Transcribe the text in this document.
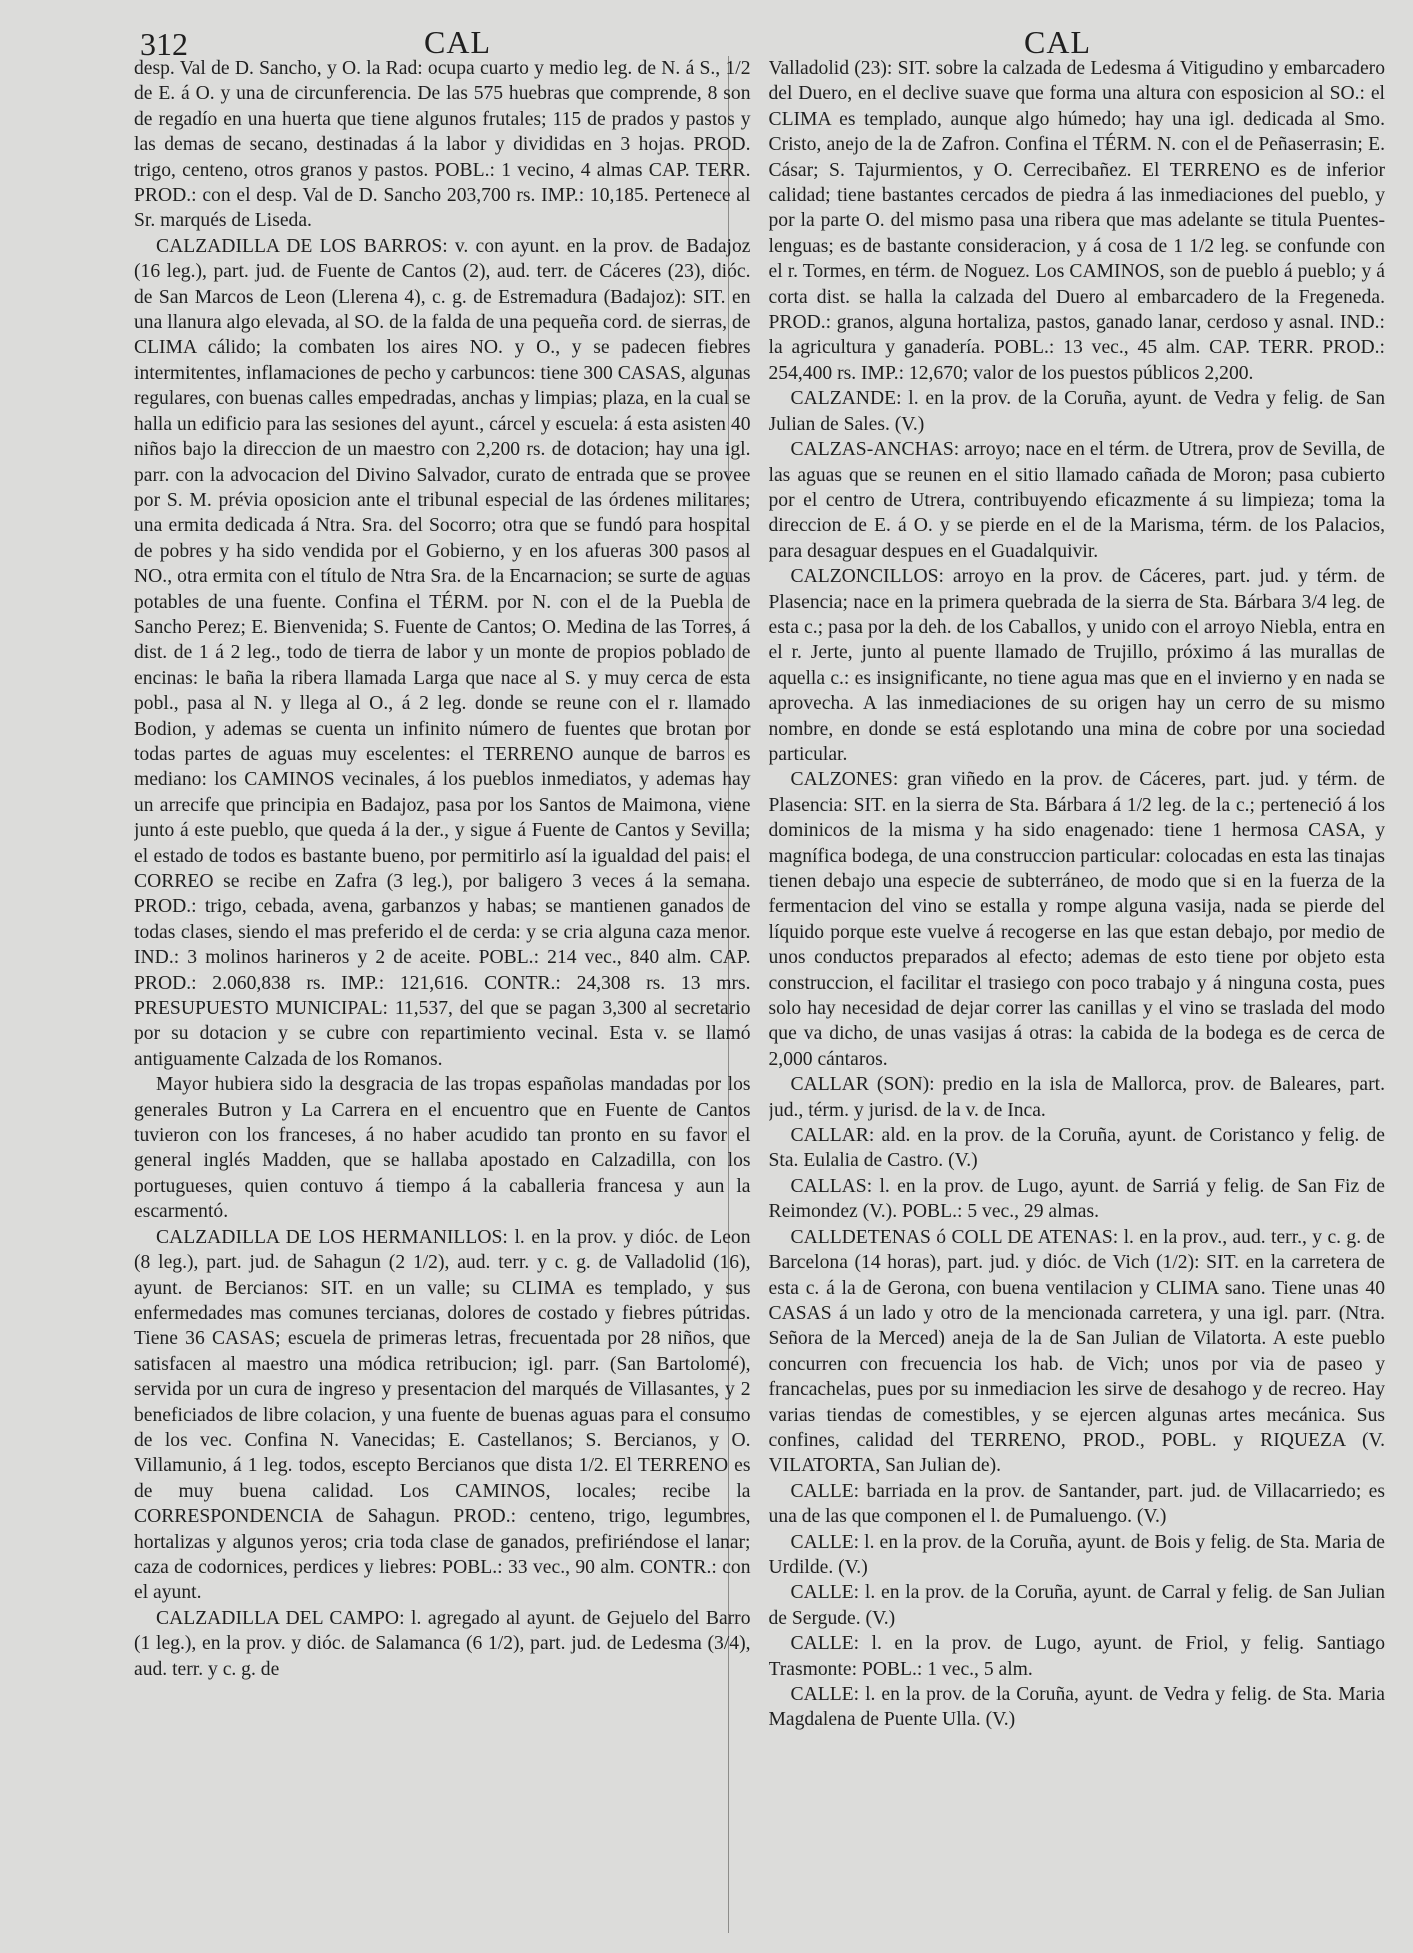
312	CAL	CAL

desp. Val de D. Sancho, y O. la Rad: ocupa cuarto y medio leg. de N. á S., 1/2 de E. á O. y una de circunferencia. De las 575 huebras que comprende, 8 son de regadío en una huerta que tiene algunos frutales; 115 de prados y pastos y las demas de secano, destinadas á la labor y divididas en 3 hojas. PROD. trigo, centeno, otros granos y pastos. POBL.: 1 vecino, 4 almas CAP. TERR. PROD.: con el desp. Val de D. Sancho 203,700 rs. IMP.: 10,185. Pertenece al Sr. marqués de Liseda.

CALZADILLA DE LOS BARROS: v. con ayunt. en la prov. de Badajoz (16 leg.), part. jud. de Fuente de Cantos (2), aud. terr. de Cáceres (23), dióc. de San Marcos de Leon (Llerena 4), c. g. de Estremadura (Badajoz): SIT. en una llanura algo elevada, al SO. de la falda de una pequeña cord. de sierras, de CLIMA cálido; la combaten los aires NO. y O., y se padecen fiebres intermitentes, inflamaciones de pecho y carbuncos: tiene 300 CASAS, algunas regulares, con buenas calles empedradas, anchas y limpias; plaza, en la cual se halla un edificio para las sesiones del ayunt., cárcel y escuela: á esta asisten 40 niños bajo la direccion de un maestro con 2,200 rs. de dotacion; hay una igl. parr. con la advocacion del Divino Salvador, curato de entrada que se provee por S. M. prévia oposicion ante el tribunal especial de las órdenes militares; una ermita dedicada á Ntra. Sra. del Socorro; otra que se fundó para hospital de pobres y ha sido vendida por el Gobierno, y en los afueras 300 pasos al NO., otra ermita con el título de Ntra Sra. de la Encarnacion; se surte de aguas potables de una fuente. Confina el TÉRM. por N. con el de la Puebla de Sancho Perez; E. Bienvenida; S. Fuente de Cantos; O. Medina de las Torres, á dist. de 1 á 2 leg., todo de tierra de labor y un monte de propios poblado de encinas: le baña la ribera llamada Larga que nace al S. y muy cerca de esta pobl., pasa al N. y llega al O., á 2 leg. donde se reune con el r. llamado Bodion, y ademas se cuenta un infinito número de fuentes que brotan por todas partes de aguas muy escelentes: el TERRENO aunque de barros es mediano: los CAMINOS vecinales, á los pueblos inmediatos, y ademas hay un arrecife que principia en Badajoz, pasa por los Santos de Maimona, viene junto á este pueblo, que queda á la der., y sigue á Fuente de Cantos y Sevilla; el estado de todos es bastante bueno, por permitirlo así la igualdad del pais: el CORREO se recibe en Zafra (3 leg.), por baligero 3 veces á la semana. PROD.: trigo, cebada, avena, garbanzos y habas; se mantienen ganados de todas clases, siendo el mas preferido el de cerda: y se cria alguna caza menor. IND.: 3 molinos harineros y 2 de aceite. POBL.: 214 vec., 840 alm. CAP. PROD.: 2.060,838 rs. IMP.: 121,616. CONTR.: 24,308 rs. 13 mrs. PRESUPUESTO MUNICIPAL: 11,537, del que se pagan 3,300 al secretario por su dotacion y se cubre con repartimiento vecinal. Esta v. se llamó antiguamente Calzada de los Romanos.

Mayor hubiera sido la desgracia de las tropas españolas mandadas por los generales Butron y La Carrera en el encuentro que en Fuente de Cantos tuvieron con los franceses, á no haber acudido tan pronto en su favor el general inglés Madden, que se hallaba apostado en Calzadilla, con los portugueses, quien contuvo á tiempo á la caballeria francesa y aun la escarmentó.

CALZADILLA DE LOS HERMANILLOS: l. en la prov. y dióc. de Leon (8 leg.), part. jud. de Sahagun (2 1/2), aud. terr. y c. g. de Valladolid (16), ayunt. de Bercianos: SIT. en un valle; su CLIMA es templado, y sus enfermedades mas comunes tercianas, dolores de costado y fiebres pútridas. Tiene 36 CASAS; escuela de primeras letras, frecuentada por 28 niños, que satisfacen al maestro una módica retribucion; igl. parr. (San Bartolomé), servida por un cura de ingreso y presentacion del marqués de Villasantes, y 2 beneficiados de libre colacion, y una fuente de buenas aguas para el consumo de los vec. Confina N. Vanecidas; E. Castellanos; S. Bercianos, y O. Villamunio, á 1 leg. todos, escepto Bercianos que dista 1/2. El TERRENO es de muy buena calidad. Los CAMINOS, locales; recibe la CORRESPONDENCIA de Sahagun. PROD.: centeno, trigo, legumbres, hortalizas y algunos yeros; cria toda clase de ganados, prefiriéndose el lanar; caza de codornices, perdices y liebres: POBL.: 33 vec., 90 alm. CONTR.: con el ayunt.

CALZADILLA DEL CAMPO: l. agregado al ayunt. de Gejuelo del Barro (1 leg.), en la prov. y dióc. de Salamanca (6 1/2), part. jud. de Ledesma (3/4), aud. terr. y c. g. de

Valladolid (23): SIT. sobre la calzada de Ledesma á Vitigudino y embarcadero del Duero, en el declive suave que forma una altura con esposicion al SO.: el CLIMA es templado, aunque algo húmedo; hay una igl. dedicada al Smo. Cristo, anejo de la de Zafron. Confina el TÉRM. N. con el de Peñaserrasin; E. Cásar; S. Tajurmientos, y O. Cerrecibañez. El TERRENO es de inferior calidad; tiene bastantes cercados de piedra á las inmediaciones del pueblo, y por la parte O. del mismo pasa una ribera que mas adelante se titula Puentes-lenguas; es de bastante consideracion, y á cosa de 1 1/2 leg. se confunde con el r. Tormes, en térm. de Noguez. Los CAMINOS, son de pueblo á pueblo; y á corta dist. se halla la calzada del Duero al embarcadero de la Fregeneda. PROD.: granos, alguna hortaliza, pastos, ganado lanar, cerdoso y asnal. IND.: la agricultura y ganadería. POBL.: 13 vec., 45 alm. CAP. TERR. PROD.: 254,400 rs. IMP.: 12,670; valor de los puestos públicos 2,200.

CALZANDE: l. en la prov. de la Coruña, ayunt. de Vedra y felig. de San Julian de Sales. (V.)

CALZAS-ANCHAS: arroyo; nace en el térm. de Utrera, prov de Sevilla, de las aguas que se reunen en el sitio llamado cañada de Moron; pasa cubierto por el centro de Utrera, contribuyendo eficazmente á su limpieza; toma la direccion de E. á O. y se pierde en el de la Marisma, térm. de los Palacios, para desaguar despues en el Guadalquivir.

CALZONCILLOS: arroyo en la prov. de Cáceres, part. jud. y térm. de Plasencia; nace en la primera quebrada de la sierra de Sta. Bárbara 3/4 leg. de esta c.; pasa por la deh. de los Caballos, y unido con el arroyo Niebla, entra en el r. Jerte, junto al puente llamado de Trujillo, próximo á las murallas de aquella c.: es insignificante, no tiene agua mas que en el invierno y en nada se aprovecha. A las inmediaciones de su origen hay un cerro de su mismo nombre, en donde se está esplotando una mina de cobre por una sociedad particular.

CALZONES: gran viñedo en la prov. de Cáceres, part. jud. y térm. de Plasencia: SIT. en la sierra de Sta. Bárbara á 1/2 leg. de la c.; perteneció á los dominicos de la misma y ha sido enagenado: tiene 1 hermosa CASA, y magnífica bodega, de una construccion particular: colocadas en esta las tinajas tienen debajo una especie de subterráneo, de modo que si en la fuerza de la fermentacion del vino se estalla y rompe alguna vasija, nada se pierde del líquido porque este vuelve á recogerse en las que estan debajo, por medio de unos conductos preparados al efecto; ademas de esto tiene por objeto esta construccion, el facilitar el trasiego con poco trabajo y á ninguna costa, pues solo hay necesidad de dejar correr las canillas y el vino se traslada del modo que va dicho, de unas vasijas á otras: la cabida de la bodega es de cerca de 2,000 cántaros.

CALLAR (SON): predio en la isla de Mallorca, prov. de Baleares, part. jud., térm. y jurisd. de la v. de Inca.

CALLAR: ald. en la prov. de la Coruña, ayunt. de Coristanco y felig. de Sta. Eulalia de Castro. (V.)

CALLAS: l. en la prov. de Lugo, ayunt. de Sarriá y felig. de San Fiz de Reimondez (V.). POBL.: 5 vec., 29 almas.

CALLDETENAS ó COLL DE ATENAS: l. en la prov., aud. terr., y c. g. de Barcelona (14 horas), part. jud. y dióc. de Vich (1/2): SIT. en la carretera de esta c. á la de Gerona, con buena ventilacion y CLIMA sano. Tiene unas 40 CASAS á un lado y otro de la mencionada carretera, y una igl. parr. (Ntra. Señora de la Merced) aneja de la de San Julian de Vilatorta. A este pueblo concurren con frecuencia los hab. de Vich; unos por via de paseo y francachelas, pues por su inmediacion les sirve de desahogo y de recreo. Hay varias tiendas de comestibles, y se ejercen algunas artes mecánica. Sus confines, calidad del TERRENO, PROD., POBL. y RIQUEZA (V. VILATORTA, San Julian de).

CALLE: barriada en la prov. de Santander, part. jud. de Villacarriedo; es una de las que componen el l. de Pumaluengo. (V.)

CALLE: l. en la prov. de la Coruña, ayunt. de Bois y felig. de Sta. Maria de Urdilde. (V.)

CALLE: l. en la prov. de la Coruña, ayunt. de Carral y felig. de San Julian de Sergude. (V.)

CALLE: l. en la prov. de Lugo, ayunt. de Friol, y felig. Santiago Trasmonte: POBL.: 1 vec., 5 alm.

CALLE: l. en la prov. de la Coruña, ayunt. de Vedra y felig. de Sta. Maria Magdalena de Puente Ulla. (V.)
